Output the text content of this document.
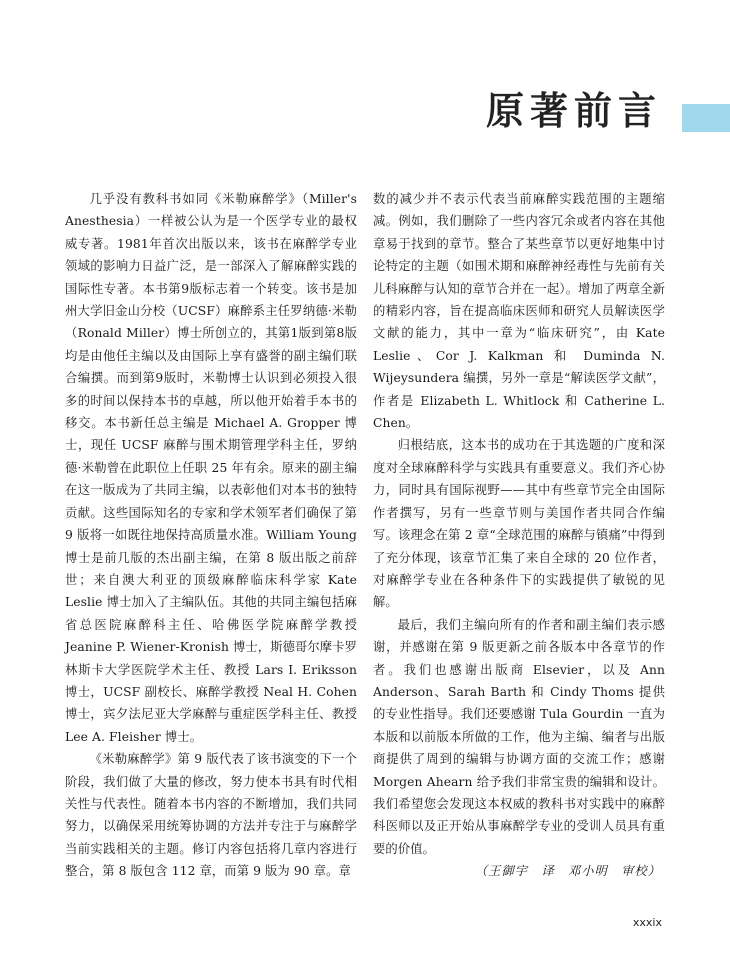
原著前言

几乎没有教科书如同《米勒麻醉学》（Miller's Anesthesia）一样被公认为是一个医学专业的最权威专著。1981年首次出版以来，该书在麻醉学专业领域的影响力日益广泛，是一部深入了解麻醉实践的国际性专著。本书第9版标志着一个转变。该书是加州大学旧金山分校（UCSF）麻醉系主任罗纳德·米勒（Ronald Miller）博士所创立的，其第1版到第8版均是由他任主编以及由国际上享有盛誉的副主编们联合编撰。而到第9版时，米勒博士认识到必须投入很多的时间以保持本书的卓越，所以他开始着手本书的移交。本书新任总主编是 Michael A. Gropper 博士，现任 UCSF 麻醉与围术期管理学科主任，罗纳德·米勒曾在此职位上任职 25 年有余。原来的副主编在这一版成为了共同主编，以表彰他们对本书的独特贡献。这些国际知名的专家和学术领军者们确保了第 9 版将一如既往地保持高质量水准。William Young 博士是前几版的杰出副主编，在第 8 版出版之前辞世；来自澳大利亚的顶级麻醉临床科学家 Kate Leslie 博士加入了主编队伍。其他的共同主编包括麻省总医院麻醉科主任、哈佛医学院麻醉学教授 Jeanine P. Wiener-Kronish 博士，斯德哥尔摩卡罗林斯卡大学医院学术主任、教授 Lars I. Eriksson 博士，UCSF 副校长、麻醉学教授 Neal H. Cohen 博士，宾夕法尼亚大学麻醉与重症医学科主任、教授 Lee A. Fleisher 博士。

《米勒麻醉学》第 9 版代表了该书演变的下一个阶段，我们做了大量的修改，努力使本书具有时代相关性与代表性。随着本书内容的不断增加，我们共同努力，以确保采用统筹协调的方法并专注于与麻醉学当前实践相关的主题。修订内容包括将几章内容进行整合，第 8 版包含 112 章，而第 9 版为 90 章。章

数的减少并不表示代表当前麻醉实践范围的主题缩减。例如，我们删除了一些内容冗余或者内容在其他章易于找到的章节。整合了某些章节以更好地集中讨论特定的主题（如围术期和麻醉神经毒性与先前有关儿科麻醉与认知的章节合并在一起）。增加了两章全新的精彩内容，旨在提高临床医师和研究人员解读医学文献的能力，其中一章为“临床研究”，由 Kate Leslie、Cor J. Kalkman 和 Duminda N. Wijeysundera 编撰，另外一章是“解读医学文献”，作者是 Elizabeth L. Whitlock 和 Catherine L. Chen。

归根结底，这本书的成功在于其选题的广度和深度对全球麻醉科学与实践具有重要意义。我们齐心协力，同时具有国际视野——其中有些章节完全由国际作者撰写，另有一些章节则与美国作者共同合作编写。该理念在第 2 章“全球范围的麻醉与镇痛”中得到了充分体现，该章节汇集了来自全球的 20 位作者，对麻醉学专业在各种条件下的实践提供了敏锐的见解。

最后，我们主编向所有的作者和副主编们表示感谢，并感谢在第 9 版更新之前各版本中各章节的作者。我们也感谢出版商 Elsevier，以及 Ann Anderson、Sarah Barth 和 Cindy Thoms 提供的专业性指导。我们还要感谢 Tula Gourdin 一直为本版和以前版本所做的工作，他为主编、编者与出版商提供了周到的编辑与协调方面的交流工作；感谢 Morgen Ahearn 给予我们非常宝贵的编辑和设计。我们希望您会发现这本权威的教科书对实践中的麻醉科医师以及正开始从事麻醉学专业的受训人员具有重要的价值。

（王御宇　译　邓小明　审校）

xxxix
